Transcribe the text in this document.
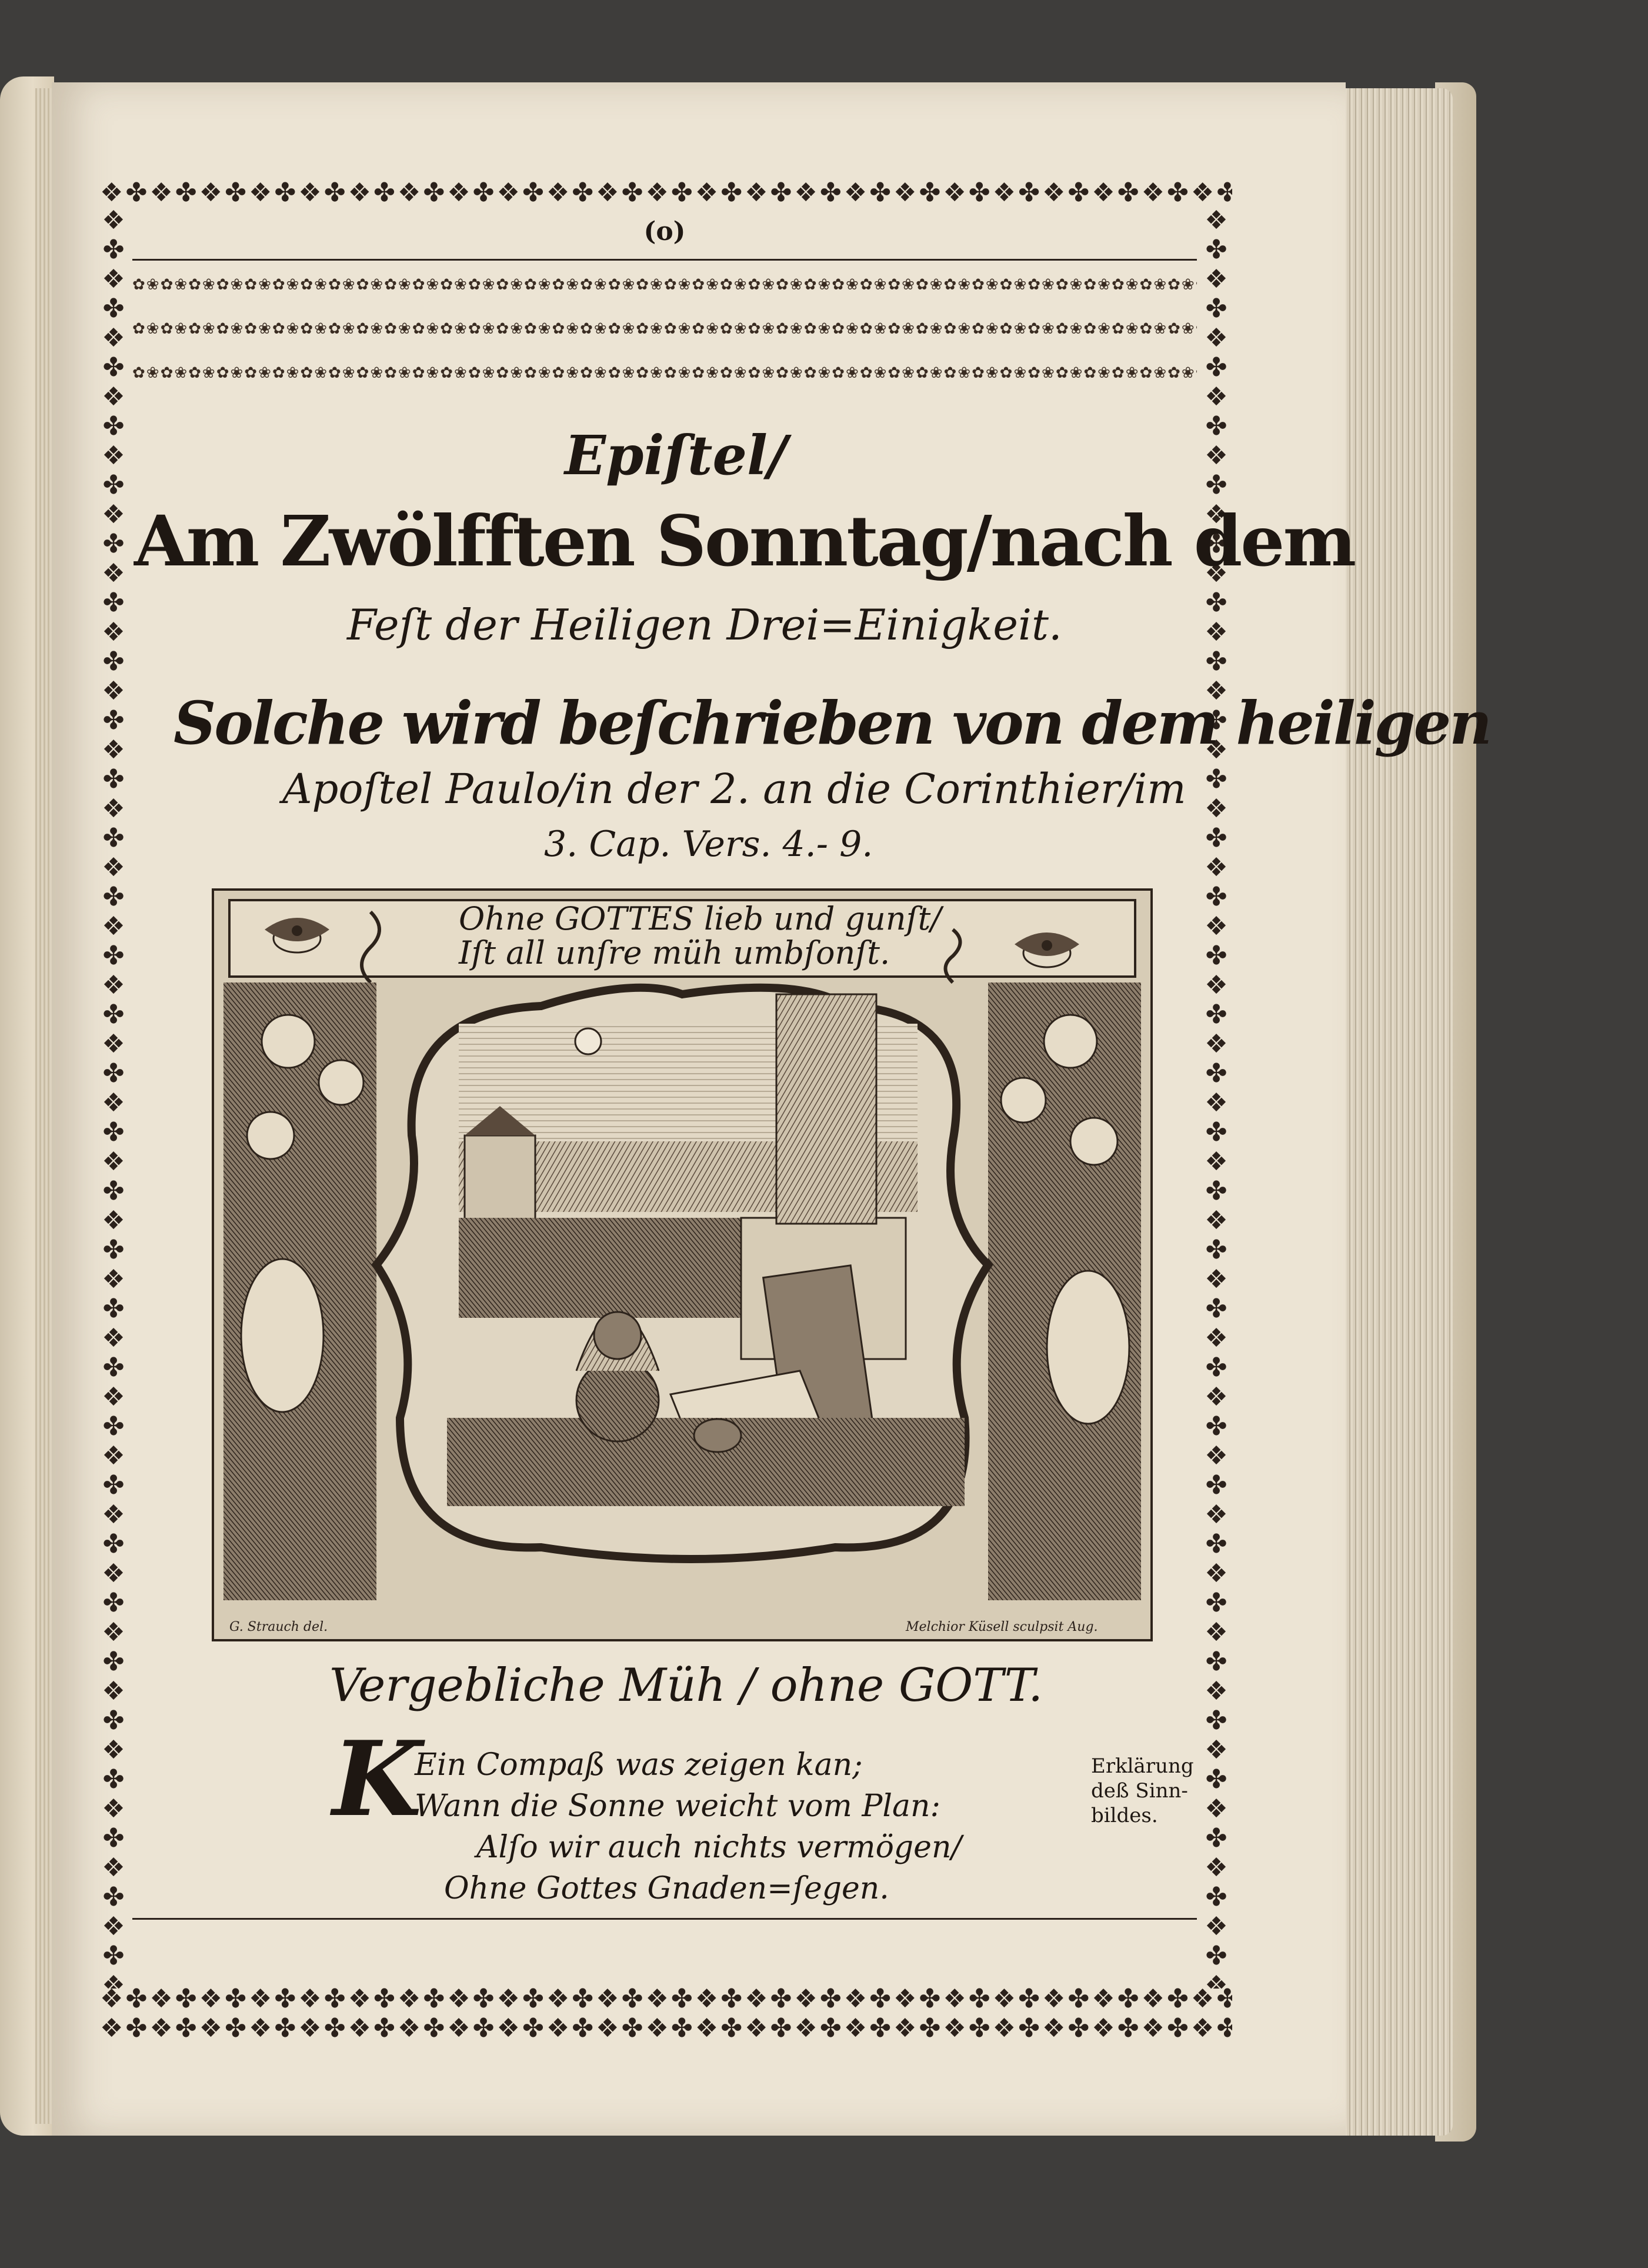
❖✤❖✤❖✤❖✤❖✤❖✤❖✤❖✤❖✤❖✤❖✤❖✤❖✤❖✤❖✤❖✤❖✤❖✤❖✤❖✤❖✤❖✤❖✤❖✤❖✤❖✤❖✤❖✤❖✤❖✤❖✤❖✤❖✤❖✤❖✤❖✤
❖✤❖✤❖✤❖✤❖✤❖✤❖✤❖✤❖✤❖✤❖✤❖✤❖✤❖✤❖✤❖✤❖✤❖✤❖✤❖✤❖✤❖✤❖✤❖✤❖✤❖✤❖✤❖✤❖✤❖✤❖✤❖✤❖✤❖✤❖✤❖✤
❖✤❖✤❖✤❖✤❖✤❖✤❖✤❖✤❖✤❖✤❖✤❖✤❖✤❖✤❖✤❖✤❖✤❖✤❖✤❖✤❖✤❖✤❖✤❖✤❖✤❖✤❖✤❖✤❖✤❖✤❖✤❖✤❖✤❖✤❖✤❖✤
❖✤❖✤❖✤❖✤❖✤❖✤❖✤❖✤❖✤❖✤❖✤❖✤❖✤❖✤❖✤❖✤❖✤❖✤❖✤❖✤❖✤❖✤❖✤❖✤❖✤❖✤❖✤❖✤❖✤❖✤❖✤❖✤❖✤❖✤❖✤❖✤❖✤❖✤❖✤❖✤❖✤❖✤❖✤❖✤❖✤❖✤❖✤❖✤❖✤❖✤❖✤❖✤❖✤❖✤❖✤❖✤❖✤❖✤❖✤❖✤
❖✤❖✤❖✤❖✤❖✤❖✤❖✤❖✤❖✤❖✤❖✤❖✤❖✤❖✤❖✤❖✤❖✤❖✤❖✤❖✤❖✤❖✤❖✤❖✤❖✤❖✤❖✤❖✤❖✤❖✤❖✤❖✤❖✤❖✤❖✤❖✤❖✤❖✤❖✤❖✤❖✤❖✤❖✤❖✤❖✤❖✤❖✤❖✤❖✤❖✤❖✤❖✤❖✤❖✤❖✤❖✤❖✤❖✤❖✤❖✤
✿❀✿❀✿❀✿❀✿❀✿❀✿❀✿❀✿❀✿❀✿❀✿❀✿❀✿❀✿❀✿❀✿❀✿❀✿❀✿❀✿❀✿❀✿❀✿❀✿❀✿❀✿❀✿❀✿❀✿❀✿❀✿❀✿❀✿❀✿❀✿❀✿❀✿❀✿❀✿❀✿❀✿❀✿❀✿❀✿❀✿❀✿❀
✿❀✿❀✿❀✿❀✿❀✿❀✿❀✿❀✿❀✿❀✿❀✿❀✿❀✿❀✿❀✿❀✿❀✿❀✿❀✿❀✿❀✿❀✿❀✿❀✿❀✿❀✿❀✿❀✿❀✿❀✿❀✿❀✿❀✿❀✿❀✿❀✿❀✿❀✿❀✿❀✿❀✿❀✿❀✿❀✿❀✿❀✿❀
✿❀✿❀✿❀✿❀✿❀✿❀✿❀✿❀✿❀✿❀✿❀✿❀✿❀✿❀✿❀✿❀✿❀✿❀✿❀✿❀✿❀✿❀✿❀✿❀✿❀✿❀✿❀✿❀✿❀✿❀✿❀✿❀✿❀✿❀✿❀✿❀✿❀✿❀✿❀✿❀✿❀✿❀✿❀✿❀✿❀✿❀✿❀
(o)
Epiſtel/
Am Zwölfften Sonntag/nach dem
Feſt der Heiligen Drei=Einigkeit.
Solche wird beſchrieben von dem heiligen
Apoſtel Paulo/in der 2. an die Corinthier/im
3. Cap. Vers. 4.- 9.
Ohne GOTTES lieb und gunſt/
Iſt all unſre müh umbſonſt.
G. Strauch del.	Melchior Küsell sculpsit Aug.
Vergebliche Müh / ohne GOTT.
K
Ein Compaß was zeigen kan;
Wann die Sonne weicht vom Plan:
Alſo wir auch nichts vermögen/
Ohne Gottes Gnaden=ſegen.
Erklärung
deß Sinn-
bildes.
